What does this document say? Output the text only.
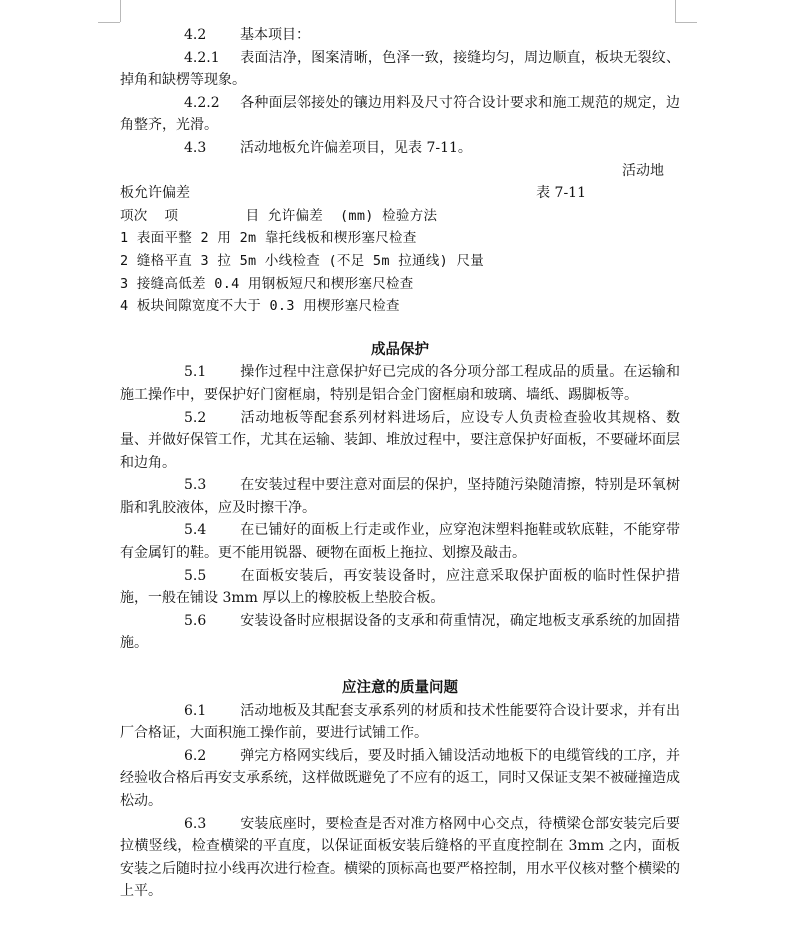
4.2 基本项目：

4.2.1 表面洁净，图案清晰，色泽一致，接缝均匀，周边顺直，板块无裂纹、掉角和缺楞等现象。

4.2.2 各种面层邻接处的镶边用料及尺寸符合设计要求和施工规范的规定，边角整齐，光滑。

4.3 活动地板允许偏差项目，见表 7-11。

活动地

板允许偏差	表 7-11

项次  项        目 允许偏差  (mm) 检验方法

1 表面平整 2 用 2m 靠托线板和楔形塞尺检查

2 缝格平直 3 拉 5m 小线检查 (不足 5m 拉通线) 尺量

3 接缝高低差 0.4 用钢板短尺和楔形塞尺检查

4 板块间隙宽度不大于 0.3 用楔形塞尺检查

成品保护

5.1 操作过程中注意保护好已完成的各分项分部工程成品的质量。在运输和施工操作中，要保护好门窗框扇，特别是铝合金门窗框扇和玻璃、墙纸、踢脚板等。

5.2 活动地板等配套系列材料进场后，应设专人负责检查验收其规格、数量、并做好保管工作，尤其在运输、装卸、堆放过程中，要注意保护好面板，不要碰坏面层和边角。

5.3 在安装过程中要注意对面层的保护，坚持随污染随清擦，特别是环氧树脂和乳胶液体，应及时擦干净。

5.4 在已铺好的面板上行走或作业，应穿泡沫塑料拖鞋或软底鞋，不能穿带有金属钉的鞋。更不能用锐器、硬物在面板上拖拉、划擦及敲击。

5.5 在面板安装后，再安装设备时，应注意采取保护面板的临时性保护措施，一般在铺设 3mm 厚以上的橡胶板上垫胶合板。

5.6 安装设备时应根据设备的支承和荷重情况，确定地板支承系统的加固措施。

应注意的质量问题

6.1 活动地板及其配套支承系列的材质和技术性能要符合设计要求，并有出厂合格证，大面积施工操作前，要进行试铺工作。

6.2 弹完方格网实线后，要及时插入铺设活动地板下的电缆管线的工序，并经验收合格后再安支承系统，这样做既避免了不应有的返工，同时又保证支架不被碰撞造成松动。

6.3 安装底座时，要检查是否对准方格网中心交点，待横梁仓部安装完后要拉横竖线，检查横梁的平直度，以保证面板安装后缝格的平直度控制在 3mm 之内，面板安装之后随时拉小线再次进行检查。横梁的顶标高也要严格控制，用水平仪核对整个横梁的上平。
